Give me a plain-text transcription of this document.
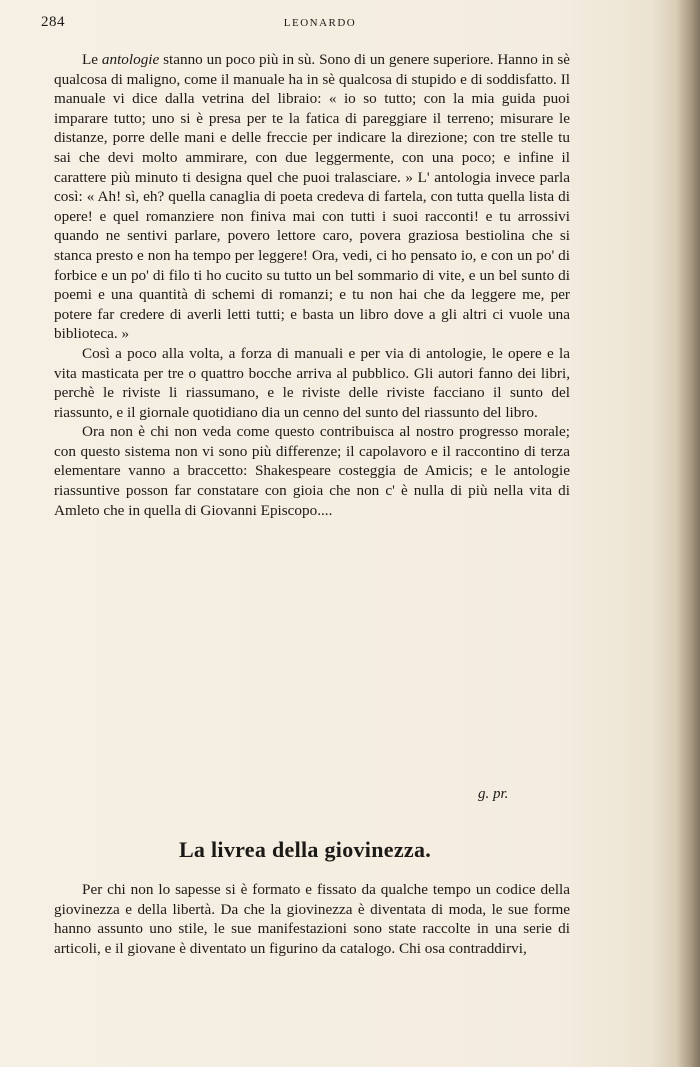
284	LEONARDO

Le antologie stanno un poco più in sù. Sono di un genere superiore. Hanno in sè qualcosa di maligno, come il manuale ha in sè qualcosa di stupido e di soddisfatto. Il manuale vi dice dalla vetrina del libraio: « io so tutto; con la mia guida puoi imparare tutto; uno si è presa per te la fatica di pareggiare il terreno; misurare le distanze, porre delle mani e delle freccie per indicare la direzione; con tre stelle tu sai che devi molto ammirare, con due leggermente, con una poco; e infine il carattere più minuto ti designa quel che puoi tralasciare. » L' antologia invece parla così: « Ah! sì, eh? quella canaglia di poeta credeva di fartela, con tutta quella lista di opere! e quel romanziere non finiva mai con tutti i suoi racconti! e tu arrossivi quando ne sentivi parlare, povero lettore caro, povera graziosa bestiolina che si stanca presto e non ha tempo per leggere! Ora, vedi, ci ho pensato io, e con un po' di forbice e un po' di filo ti ho cucito su tutto un bel sommario di vite, e un bel sunto di poemi e una quantità di schemi di romanzi; e tu non hai che da leggere me, per potere far credere di averli letti tutti; e basta un libro dove a gli altri ci vuole una biblioteca. »

Così a poco alla volta, a forza di manuali e per via di antologie, le opere e la vita masticata per tre o quattro bocche arriva al pubblico. Gli autori fanno dei libri, perchè le riviste li riassumano, e le riviste delle riviste facciano il sunto del riassunto, e il giornale quotidiano dia un cenno del sunto del riassunto del libro.

Ora non è chi non veda come questo contribuisca al nostro progresso morale; con questo sistema non vi sono più differenze; il capolavoro e il raccontino di terza elementare vanno a braccetto: Shakespeare costeggia de Amicis; e le antologie riassuntive posson far constatare con gioia che non c' è nulla di più nella vita di Amleto che in quella di Giovanni Episcopo....

g. pr.
La livrea della giovinezza.

Per chi non lo sapesse si è formato e fissato da qualche tempo un codice della giovinezza e della libertà. Da che la giovinezza è diventata di moda, le sue forme hanno assunto uno stile, le sue manifestazioni sono state raccolte in una serie di articoli, e il giovane è diventato un figurino da catalogo. Chi osa contraddirvi,
